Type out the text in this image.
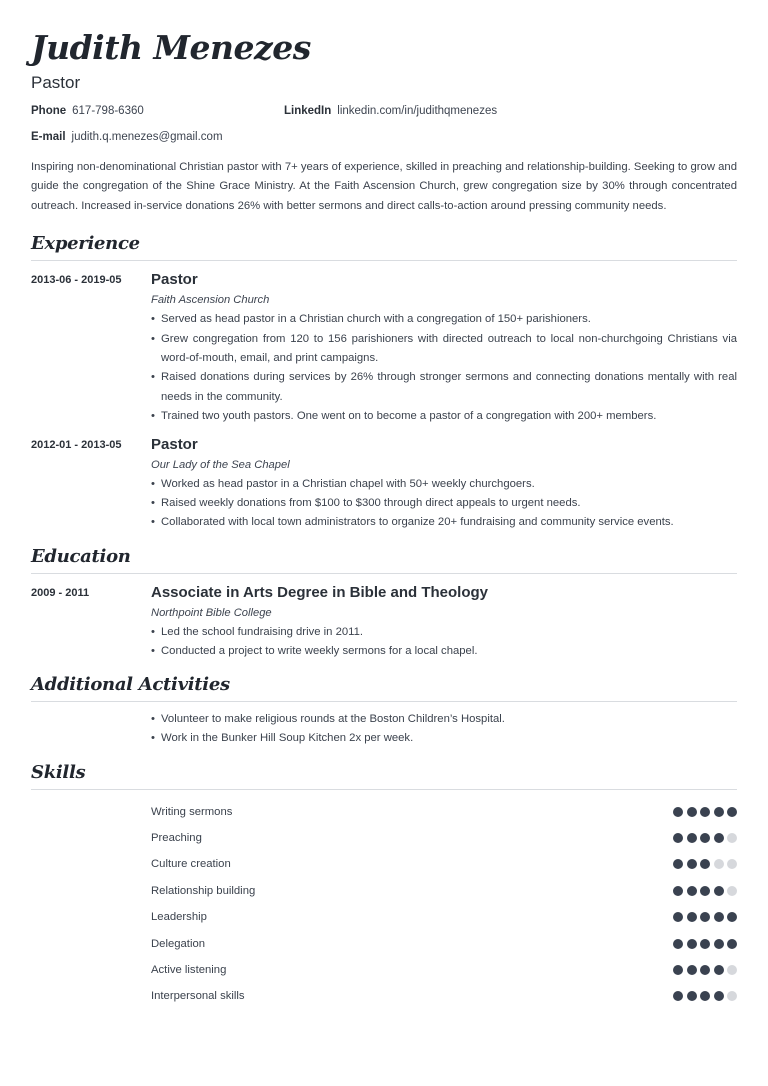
Judith Menezes
Pastor
Phone 617-798-6360	LinkedIn linkedin.com/in/judithqmenezes
E-mail judith.q.menezes@gmail.com

Inspiring non-denominational Christian pastor with 7+ years of experience, skilled in preaching and relationship-building. Seeking to grow and guide the congregation of the Shine Grace Ministry. At the Faith Ascension Church, grew congregation size by 30% through concentrated outreach. Increased in-service donations 26% with better sermons and direct calls-to-action around pressing community needs.

Experience
2013-06 - 2019-05 Pastor
Faith Ascension Church
• Served as head pastor in a Christian church with a congregation of 150+ parishioners.
• Grew congregation from 120 to 156 parishioners with directed outreach to local non-churchgoing Christians via word-of-mouth, email, and print campaigns.
• Raised donations during services by 26% through stronger sermons and connecting donations mentally with real needs in the community.
• Trained two youth pastors. One went on to become a pastor of a congregation with 200+ members.
2012-01 - 2013-05 Pastor
Our Lady of the Sea Chapel
• Worked as head pastor in a Christian chapel with 50+ weekly churchgoers.
• Raised weekly donations from $100 to $300 through direct appeals to urgent needs.
• Collaborated with local town administrators to organize 20+ fundraising and community service events.
Education
2009 - 2011	Associate in Arts Degree in Bible and Theology
Northpoint Bible College
• Led the school fundraising drive in 2011.
• Conducted a project to write weekly sermons for a local chapel.
Additional Activities
• Volunteer to make religious rounds at the Boston Children’s Hospital.
• Work in the Bunker Hill Soup Kitchen 2x per week.
Skills
Writing sermons
Preaching
Culture creation
Relationship building
Leadership
Delegation
Active listening
Interpersonal skills
